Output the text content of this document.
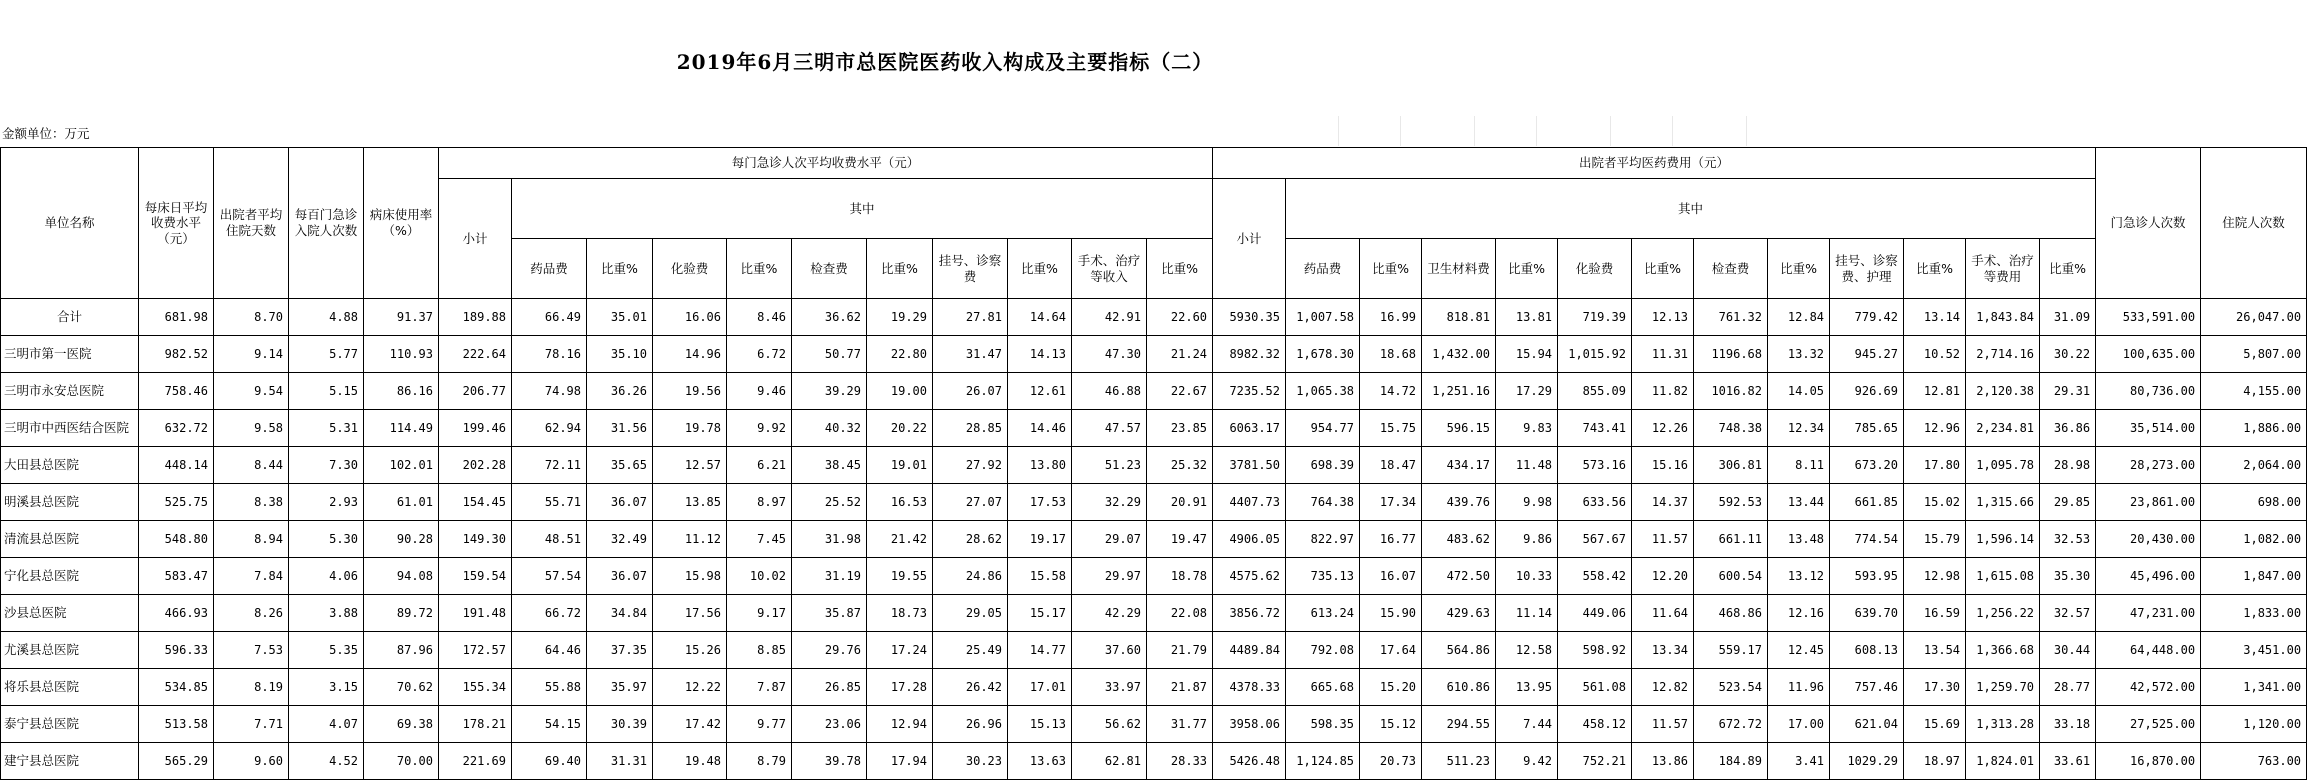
2019年6月三明市总医院医药收入构成及主要指标（二）
金额单位：万元
单位名称	每床日平均收费水平（元）	出院者平均住院天数	每百门急诊入院人次数	病床使用率（%）	每门急诊人次平均收费水平（元）											出院者平均医药费用（元）													门急诊人次数	住院人次数
					小计	其中										小计	其中													
						药品费	比重%	化验费	比重%	检查费	比重%	挂号、诊察费	比重%	手术、治疗等收入	比重%		药品费	比重%	卫生材料费	比重%	化验费	比重%	检查费	比重%	挂号、诊察费、护理	比重%	手术、治疗等费用	比重%		
合计	681.98	8.70	4.88	91.37	189.88	66.49	35.01	16.06	8.46	36.62	19.29	27.81	14.64	42.91	22.60	5930.35	1,007.58	16.99	818.81	13.81	719.39	12.13	761.32	12.84	779.42	13.14	1,843.84	31.09	533,591.00	26,047.00
三明市第一医院	982.52	9.14	5.77	110.93	222.64	78.16	35.10	14.96	6.72	50.77	22.80	31.47	14.13	47.30	21.24	8982.32	1,678.30	18.68	1,432.00	15.94	1,015.92	11.31	1196.68	13.32	945.27	10.52	2,714.16	30.22	100,635.00	5,807.00
三明市永安总医院	758.46	9.54	5.15	86.16	206.77	74.98	36.26	19.56	9.46	39.29	19.00	26.07	12.61	46.88	22.67	7235.52	1,065.38	14.72	1,251.16	17.29	855.09	11.82	1016.82	14.05	926.69	12.81	2,120.38	29.31	80,736.00	4,155.00
三明市中西医结合医院	632.72	9.58	5.31	114.49	199.46	62.94	31.56	19.78	9.92	40.32	20.22	28.85	14.46	47.57	23.85	6063.17	954.77	15.75	596.15	9.83	743.41	12.26	748.38	12.34	785.65	12.96	2,234.81	36.86	35,514.00	1,886.00
大田县总医院	448.14	8.44	7.30	102.01	202.28	72.11	35.65	12.57	6.21	38.45	19.01	27.92	13.80	51.23	25.32	3781.50	698.39	18.47	434.17	11.48	573.16	15.16	306.81	8.11	673.20	17.80	1,095.78	28.98	28,273.00	2,064.00
明溪县总医院	525.75	8.38	2.93	61.01	154.45	55.71	36.07	13.85	8.97	25.52	16.53	27.07	17.53	32.29	20.91	4407.73	764.38	17.34	439.76	9.98	633.56	14.37	592.53	13.44	661.85	15.02	1,315.66	29.85	23,861.00	698.00
清流县总医院	548.80	8.94	5.30	90.28	149.30	48.51	32.49	11.12	7.45	31.98	21.42	28.62	19.17	29.07	19.47	4906.05	822.97	16.77	483.62	9.86	567.67	11.57	661.11	13.48	774.54	15.79	1,596.14	32.53	20,430.00	1,082.00
宁化县总医院	583.47	7.84	4.06	94.08	159.54	57.54	36.07	15.98	10.02	31.19	19.55	24.86	15.58	29.97	18.78	4575.62	735.13	16.07	472.50	10.33	558.42	12.20	600.54	13.12	593.95	12.98	1,615.08	35.30	45,496.00	1,847.00
沙县总医院	466.93	8.26	3.88	89.72	191.48	66.72	34.84	17.56	9.17	35.87	18.73	29.05	15.17	42.29	22.08	3856.72	613.24	15.90	429.63	11.14	449.06	11.64	468.86	12.16	639.70	16.59	1,256.22	32.57	47,231.00	1,833.00
尤溪县总医院	596.33	7.53	5.35	87.96	172.57	64.46	37.35	15.26	8.85	29.76	17.24	25.49	14.77	37.60	21.79	4489.84	792.08	17.64	564.86	12.58	598.92	13.34	559.17	12.45	608.13	13.54	1,366.68	30.44	64,448.00	3,451.00
将乐县总医院	534.85	8.19	3.15	70.62	155.34	55.88	35.97	12.22	7.87	26.85	17.28	26.42	17.01	33.97	21.87	4378.33	665.68	15.20	610.86	13.95	561.08	12.82	523.54	11.96	757.46	17.30	1,259.70	28.77	42,572.00	1,341.00
泰宁县总医院	513.58	7.71	4.07	69.38	178.21	54.15	30.39	17.42	9.77	23.06	12.94	26.96	15.13	56.62	31.77	3958.06	598.35	15.12	294.55	7.44	458.12	11.57	672.72	17.00	621.04	15.69	1,313.28	33.18	27,525.00	1,120.00
建宁县总医院	565.29	9.60	4.52	70.00	221.69	69.40	31.31	19.48	8.79	39.78	17.94	30.23	13.63	62.81	28.33	5426.48	1,124.85	20.73	511.23	9.42	752.21	13.86	184.89	3.41	1029.29	18.97	1,824.01	33.61	16,870.00	763.00
